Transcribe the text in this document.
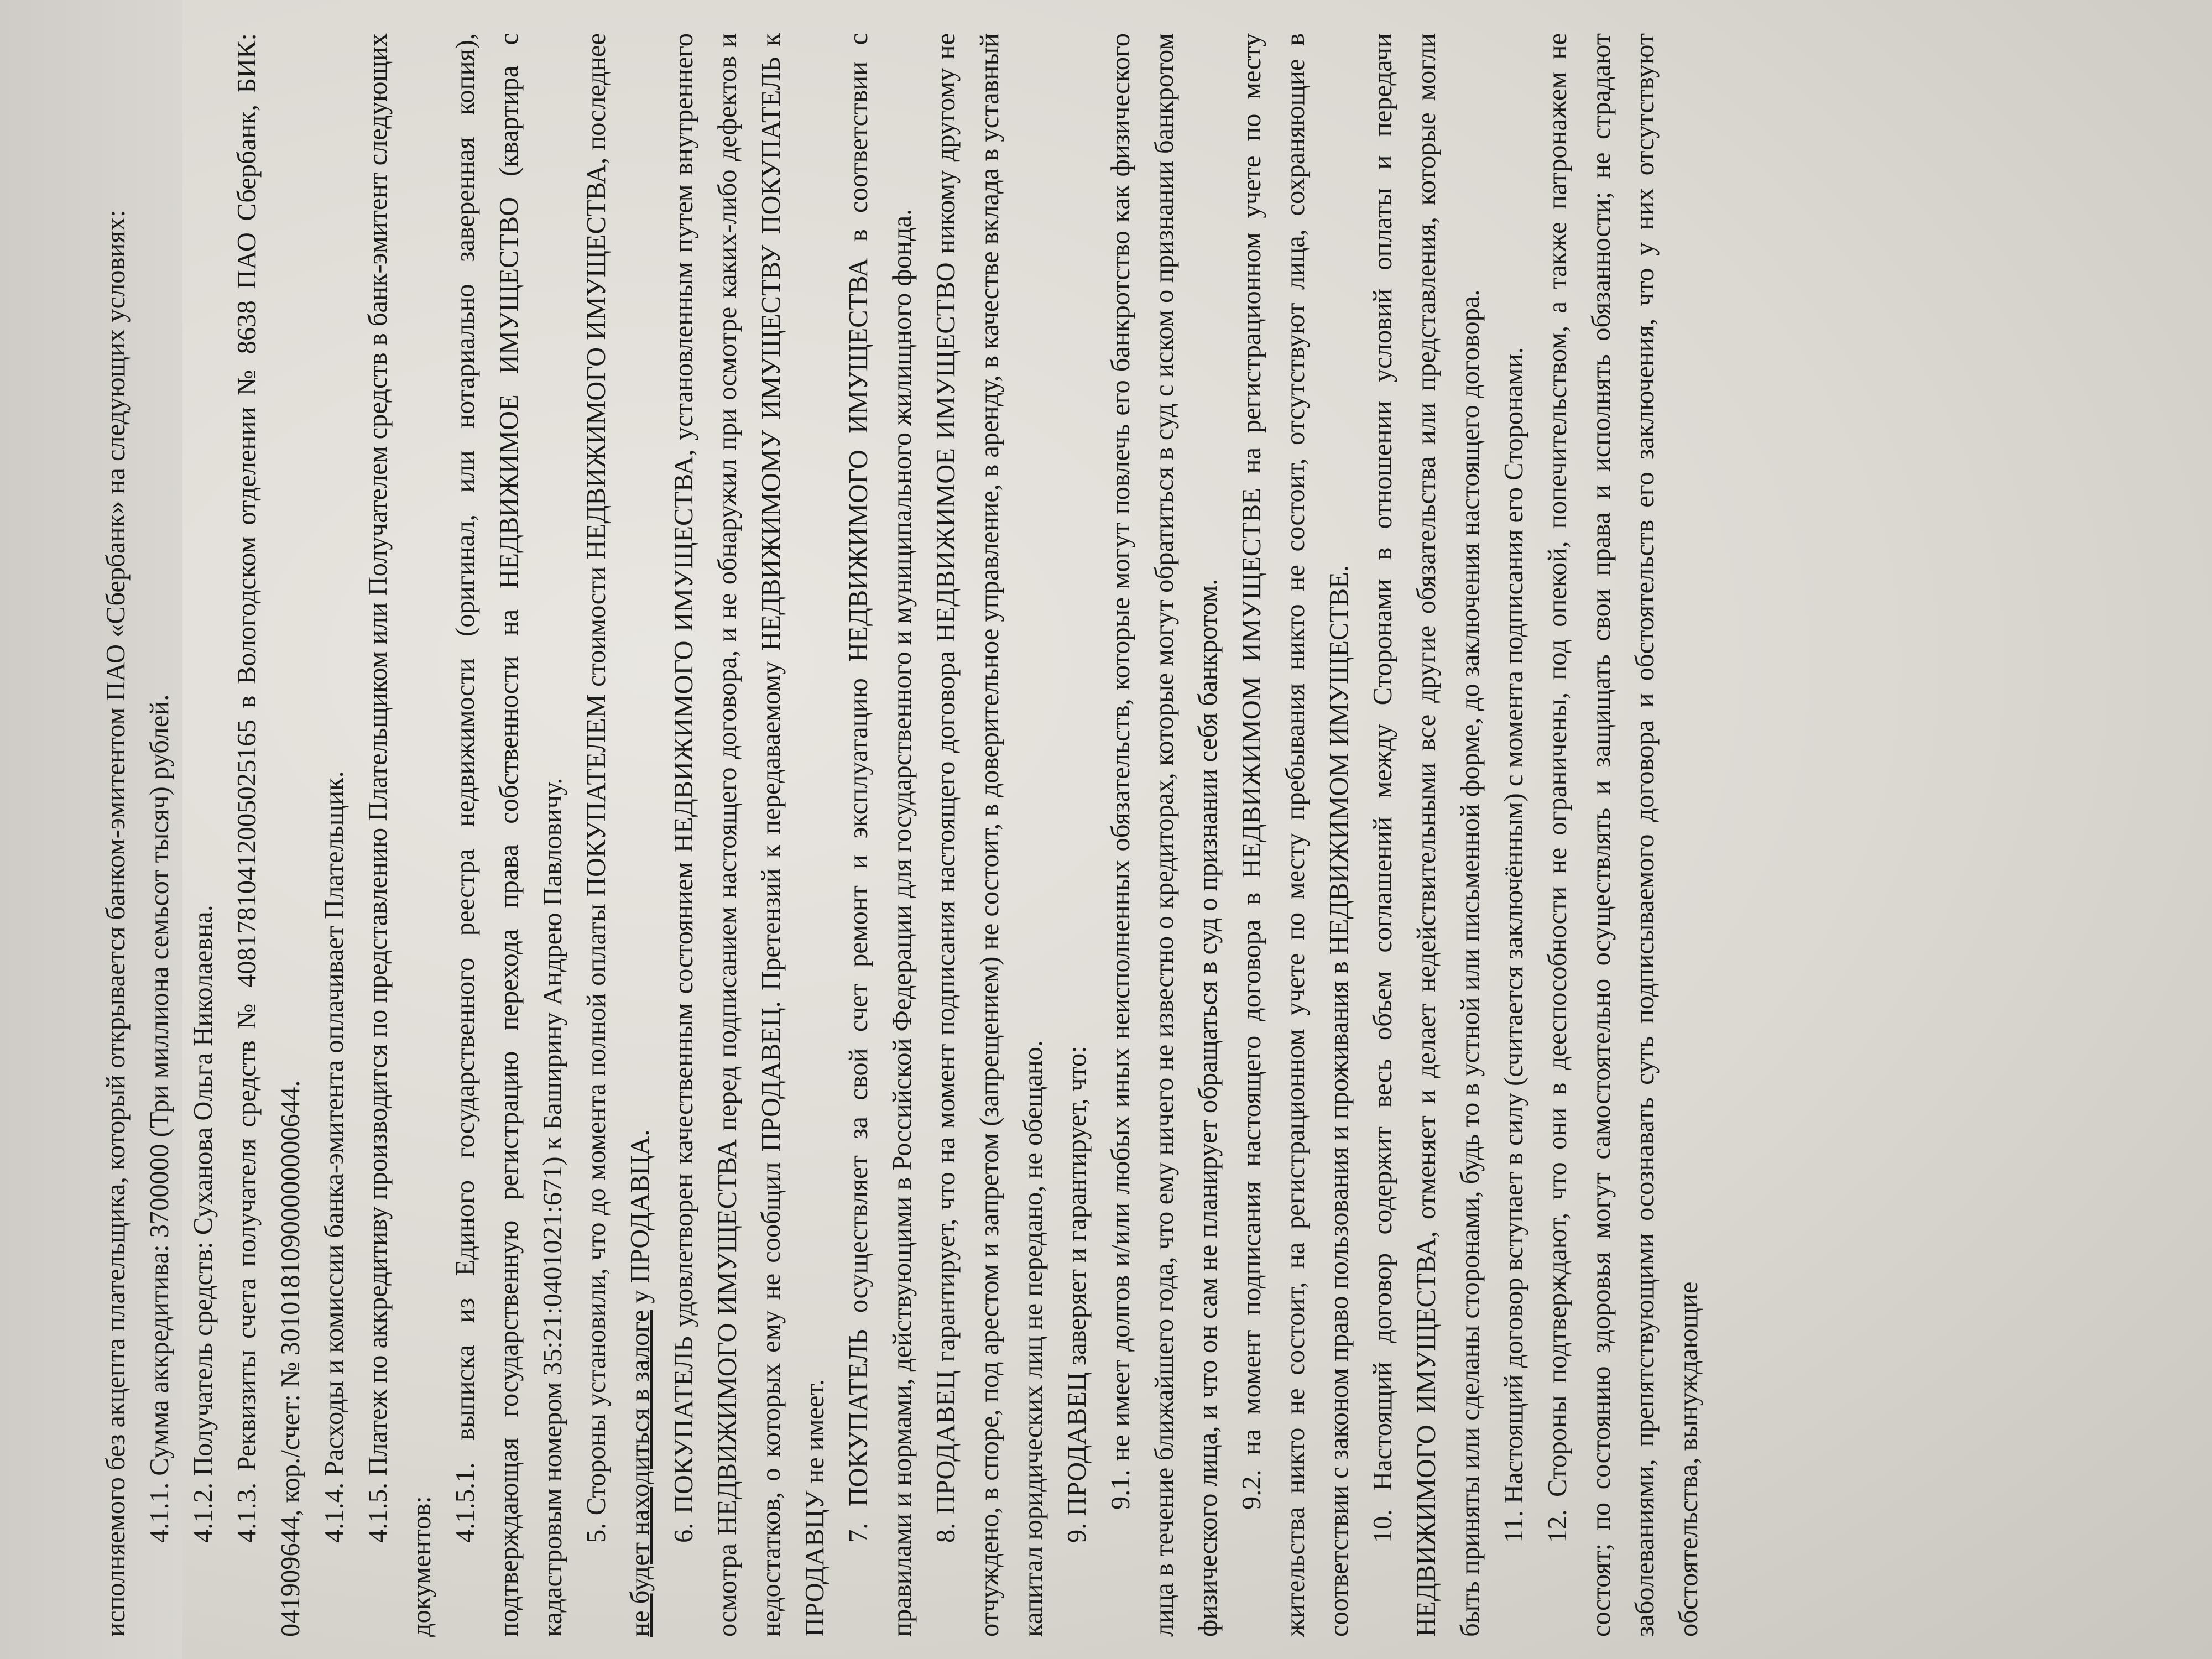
исполняемого без акцепта плательщика, который открывается банком-эмитентом ПАО «Сбербанк» на следующих условиях: 4.1.1. Сумма аккредитива: 3700000 (Три миллиона семьсот тысяч) рублей. 4.1.2. Получатель средств: Суханова Ольга Николаевна. 4.1.3. Реквизиты счета получателя средств № 40817810412005025165 в Вологодском отделении № 8638 ПАО Сбербанк, БИК: 041909644, кор./счет: № 30101810900000000644. 4.1.4. Расходы и комиссии банка-эмитента оплачивает Плательщик. 4.1.5. Платеж по аккредитиву производится по представлению Плательщиком или Получателем средств в банк-эмитент следующих документов:

4.1.5.1. выписка из Единого государственного реестра недвижимости (оригинал, или нотариально заверенная копия), подтверждающая государственную регистрацию перехода права собственности на НЕДВИЖИМОЕ ИМУЩЕСТВО (квартира с кадастровым номером 35:21:0401021:671) к Баширину Андрею Павловичу. 5. Стороны установили, что до момента полной оплаты ПОКУПАТЕЛЕМ стоимости НЕДВИЖИМОГО ИМУЩЕСТВА, последнее не будет находиться в залоге у ПРОДАВЦА. 6. ПОКУПАТЕЛЬ удовлетворен качественным состоянием НЕДВИЖИМОГО ИМУЩЕСТВА, установленным путем внутреннего осмотра НЕДВИЖИМОГО ИМУЩЕСТВА перед подписанием настоящего договора, и не обнаружил при осмотре каких-либо дефектов и недостатков, о которых ему не сообщил ПРОДАВЕЦ. Претензий к передаваемому НЕДВИЖИМОМУ ИМУЩЕСТВУ ПОКУПАТЕЛЬ к ПРОДАВЦУ не имеет. 7. ПОКУПАТЕЛЬ осуществляет за свой счет ремонт и эксплуатацию НЕДВИЖИМОГО ИМУЩЕСТВА в соответствии с правилами и нормами, действующими в Российской Федерации для государственного и муниципального жилищного фонда. 8. ПРОДАВЕЦ гарантирует, что на момент подписания настоящего договора НЕДВИЖИМОЕ ИМУЩЕСТВО никому другому не отчуждено, в споре, под арестом и запретом (запрещением) не состоит, в доверительное управление, в аренду, в качестве вклада в уставный капитал юридических лиц не передано, не обещано. 9. ПРОДАВЕЦ заверяет и гарантирует, что: 9.1. не имеет долгов и/или любых иных неисполненных обязательств, которые могут повлечь его банкротство как физического лица в течение ближайшего года, что ему ничего не известно о кредиторах, которые могут обратиться в суд с иском о признании банкротом физического лица, и что он сам не планирует обращаться в суд о признании себя банкротом. 9.2. на момент подписания настоящего договора в НЕДВИЖИМОМ ИМУЩЕСТВЕ на регистрационном учете по месту жительства никто не состоит, на регистрационном учете по месту пребывания никто не состоит, отсутствуют лица, сохраняющие в соответствии с законом право пользования и проживания в НЕДВИЖИМОМ ИМУЩЕСТВЕ. 10. Настоящий договор содержит весь объем соглашений между Сторонами в отношении условий оплаты и передачи НЕДВИЖИМОГО ИМУЩЕСТВА, отменяет и делает недействительными все другие обязательства или представления, которые могли быть приняты или сделаны сторонами, будь то в устной или письменной форме, до заключения настоящего договора. 11. Настоящий договор вступает в силу (считается заключённым) с момента подписания его Сторонами. 12. Стороны подтверждают, что они в дееспособности не ограничены, под опекой, попечительством, а также патронажем не состоят; по состоянию здоровья могут самостоятельно осуществлять и защищать свои права и исполнять обязанности; не страдают заболеваниями, препятствующими осознавать суть подписываемого договора и обстоятельств его заключения, что у них отсутствуют обстоятельства, вынуждающие
